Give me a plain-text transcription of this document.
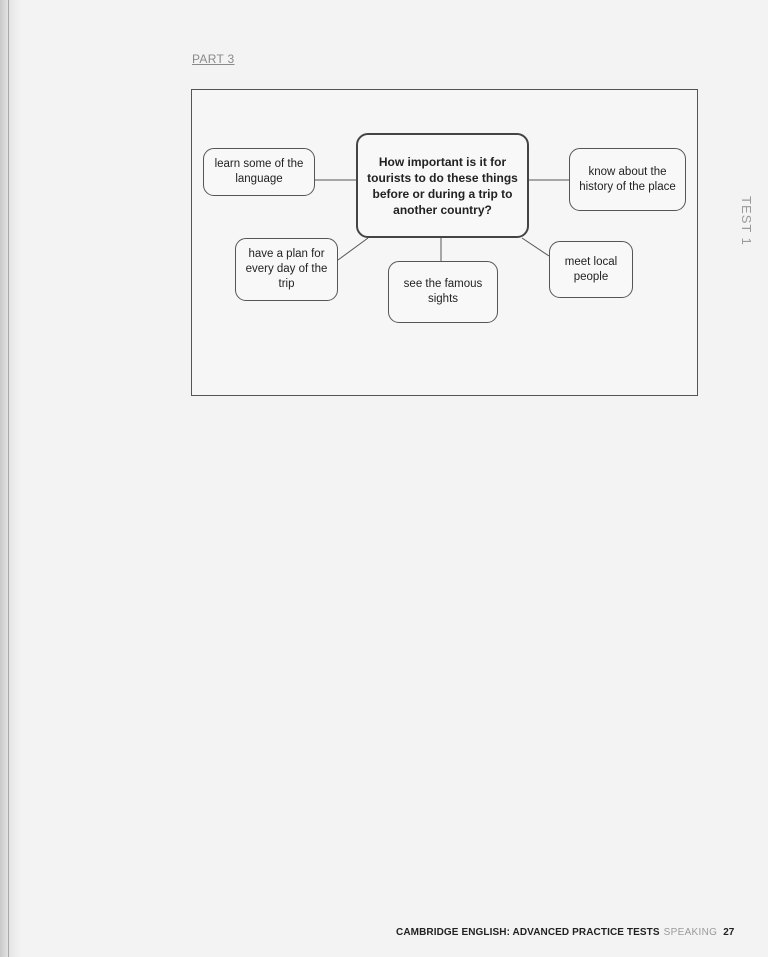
PART 3
TEST 1
How important is it for tourists to do these things before or during a trip to another country?
learn some of the language
know about the history of the place
have a plan for every day of the trip	see the famous sights
meet local people
CAMBRIDGE ENGLISH: ADVANCED PRACTICE TESTS SPEAKING 27
